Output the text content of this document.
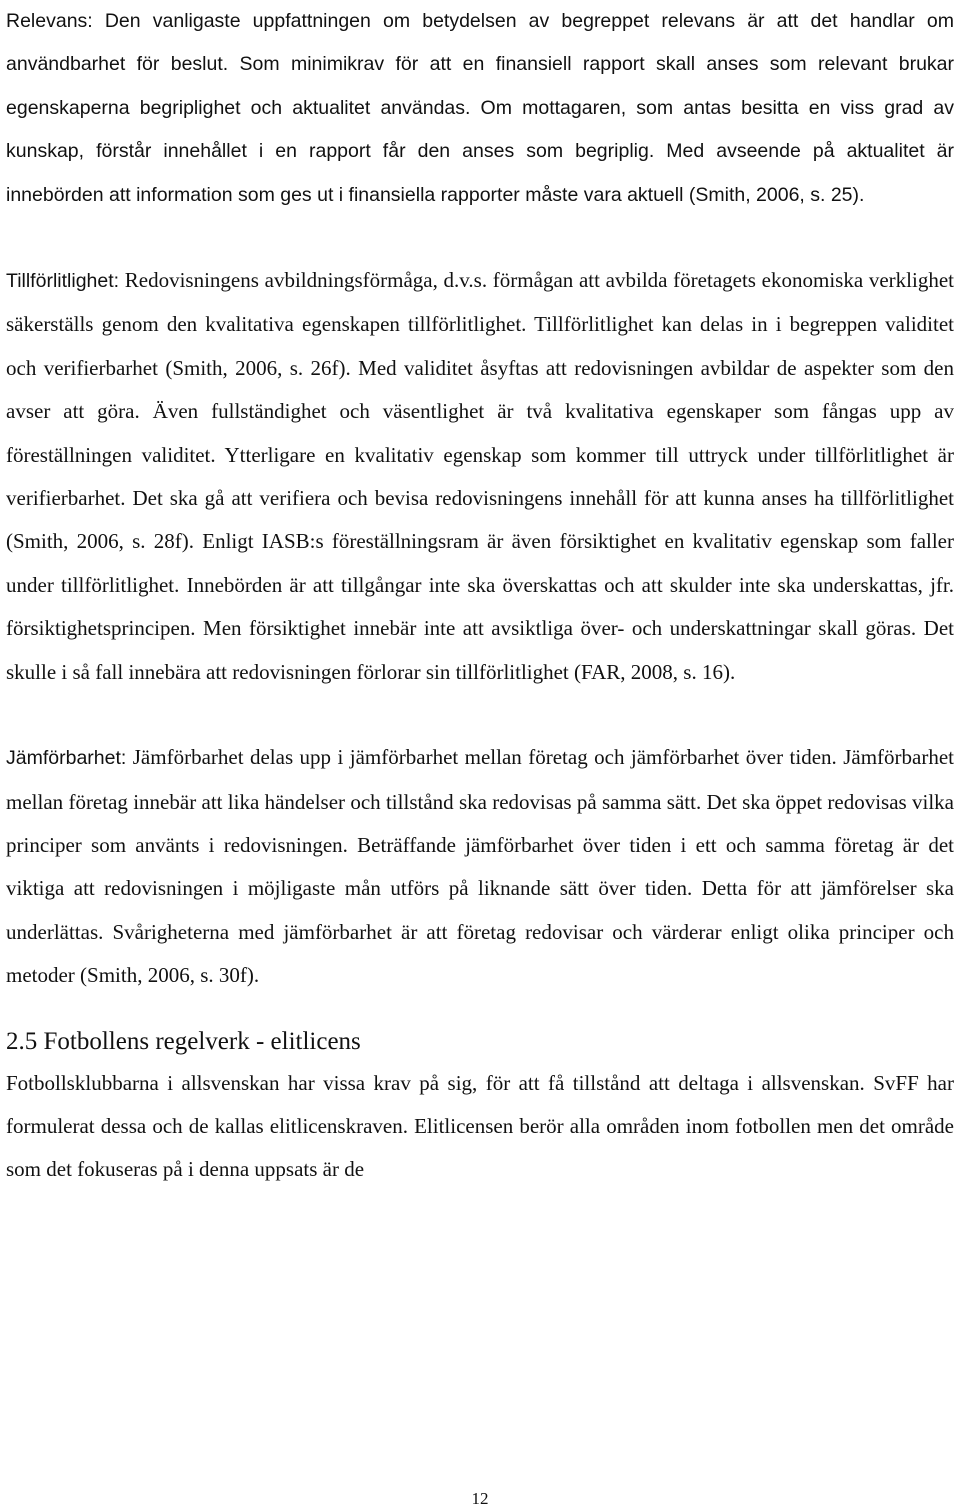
Relevans: Den vanligaste uppfattningen om betydelsen av begreppet relevans är att det handlar om användbarhet för beslut. Som minimikrav för att en finansiell rapport skall anses som relevant brukar egenskaperna begriplighet och aktualitet användas. Om mottagaren, som antas besitta en viss grad av kunskap, förstår innehållet i en rapport får den anses som begriplig. Med avseende på aktualitet är innebörden att information som ges ut i finansiella rapporter måste vara aktuell (Smith, 2006, s. 25).

Tillförlitlighet: Redovisningens avbildningsförmåga, d.v.s. förmågan att avbilda företagets ekonomiska verklighet säkerställs genom den kvalitativa egenskapen tillförlitlighet. Tillförlitlighet kan delas in i begreppen validitet och verifierbarhet (Smith, 2006, s. 26f). Med validitet åsyftas att redovisningen avbildar de aspekter som den avser att göra. Även fullständighet och väsentlighet är två kvalitativa egenskaper som fångas upp av föreställningen validitet. Ytterligare en kvalitativ egenskap som kommer till uttryck under tillförlitlighet är verifierbarhet. Det ska gå att verifiera och bevisa redovisningens innehåll för att kunna anses ha tillförlitlighet (Smith, 2006, s. 28f). Enligt IASB:s föreställningsram är även försiktighet en kvalitativ egenskap som faller under tillförlitlighet. Innebörden är att tillgångar inte ska överskattas och att skulder inte ska underskattas, jfr. försiktighetsprincipen. Men försiktighet innebär inte att avsiktliga över- och underskattningar skall göras. Det skulle i så fall innebära att redovisningen förlorar sin tillförlitlighet (FAR, 2008, s. 16).

Jämförbarhet: Jämförbarhet delas upp i jämförbarhet mellan företag och jämförbarhet över tiden. Jämförbarhet mellan företag innebär att lika händelser och tillstånd ska redovisas på samma sätt. Det ska öppet redovisas vilka principer som använts i redovisningen. Beträffande jämförbarhet över tiden i ett och samma företag är det viktiga att redovisningen i möjligaste mån utförs på liknande sätt över tiden. Detta för att jämförelser ska underlättas. Svårigheterna med jämförbarhet är att företag redovisar och värderar enligt olika principer och metoder (Smith, 2006, s. 30f).

2.5 Fotbollens regelverk - elitlicens

Fotbollsklubbarna i allsvenskan har vissa krav på sig, för att få tillstånd att deltaga i allsvenskan. SvFF har formulerat dessa och de kallas elitlicenskraven. Elitlicensen berör alla områden inom fotbollen men det område som det fokuseras på i denna uppsats är de

12
